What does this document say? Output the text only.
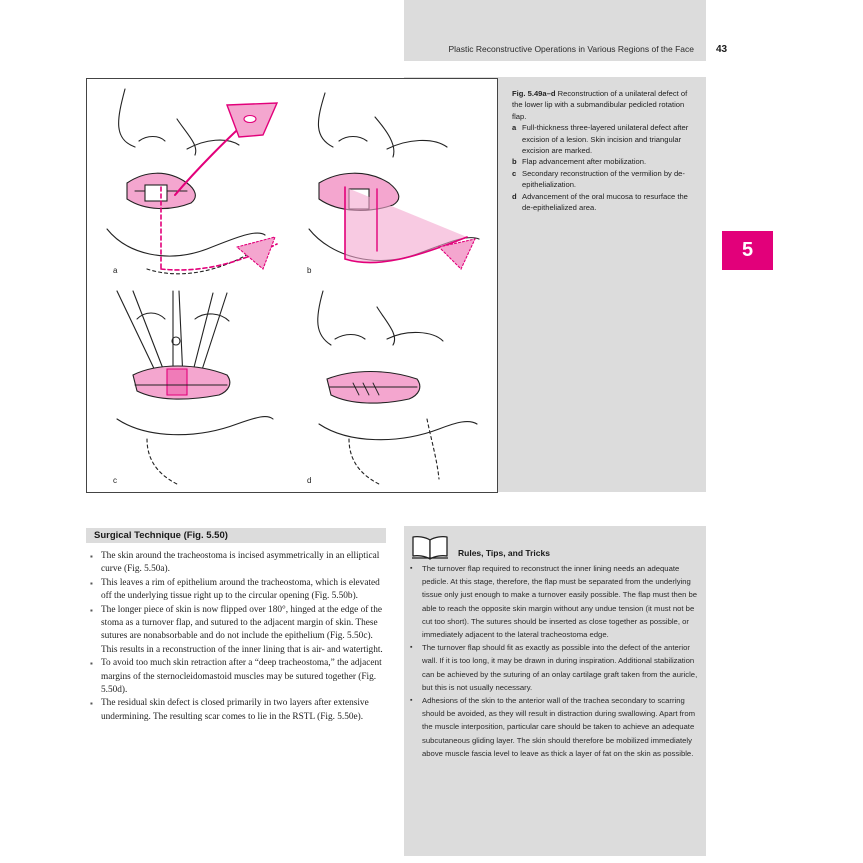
Plastic Reconstructive Operations in Various Regions of the Face 43
a	b
c	d
Fig. 5.49a–d Reconstruction of a unilateral defect of the lower lip with a submandibular pedicled rotation flap.
a Full-thickness three-layered unilateral defect after excision of a lesion. Skin incision and triangular excision are marked.
b Flap advancement after mobilization.
c Secondary reconstruction of the vermilion by de-epithelialization.
d Advancement of the oral mucosa to resurface the de-epithelialized area.
5
Surgical Technique (Fig. 5.50)
▪ The skin around the tracheostoma is incised asymmetrically in an elliptical curve (Fig. 5.50a).
▪ This leaves a rim of epithelium around the tracheostoma, which is elevated off the underlying tissue right up to the circular opening (Fig. 5.50b).
▪ The longer piece of skin is now flipped over 180°, hinged at the edge of the stoma as a turnover flap, and sutured to the adjacent margin of skin. These sutures are nonabsorbable and do not include the epithelium (Fig. 5.50c). This results in a reconstruction of the inner lining that is air- and watertight.
▪ To avoid too much skin retraction after a “deep tracheostoma,” the adjacent margins of the sternocleidomastoid muscles may be sutured together (Fig. 5.50d).
▪ The residual skin defect is closed primarily in two layers after extensive undermining. The resulting scar comes to lie in the RSTL (Fig. 5.50e).
Rules, Tips, and Tricks
▪ The turnover flap required to reconstruct the inner lining needs an adequate pedicle. At this stage, therefore, the flap must be separated from the underlying tissue only just enough to make a turnover easily possible. The flap must then be able to reach the opposite skin margin without any undue tension (it must not be cut too short). The sutures should be inserted as close together as possible, or immediately adjacent to the lateral tracheostoma edge.
▪ The turnover flap should fit as exactly as possible into the defect of the anterior wall. If it is too long, it may be drawn in during inspiration. Additional stabilization can be achieved by the suturing of an onlay cartilage graft taken from the auricle, but this is not usually necessary.
▪ Adhesions of the skin to the anterior wall of the trachea secondary to scarring should be avoided, as they will result in distraction during swallowing. Apart from the muscle interposition, particular care should be taken to achieve an adequate subcutaneous gliding layer. The skin should therefore be mobilized immediately above muscle fascia level to leave as thick a layer of fat on the skin as possible.
